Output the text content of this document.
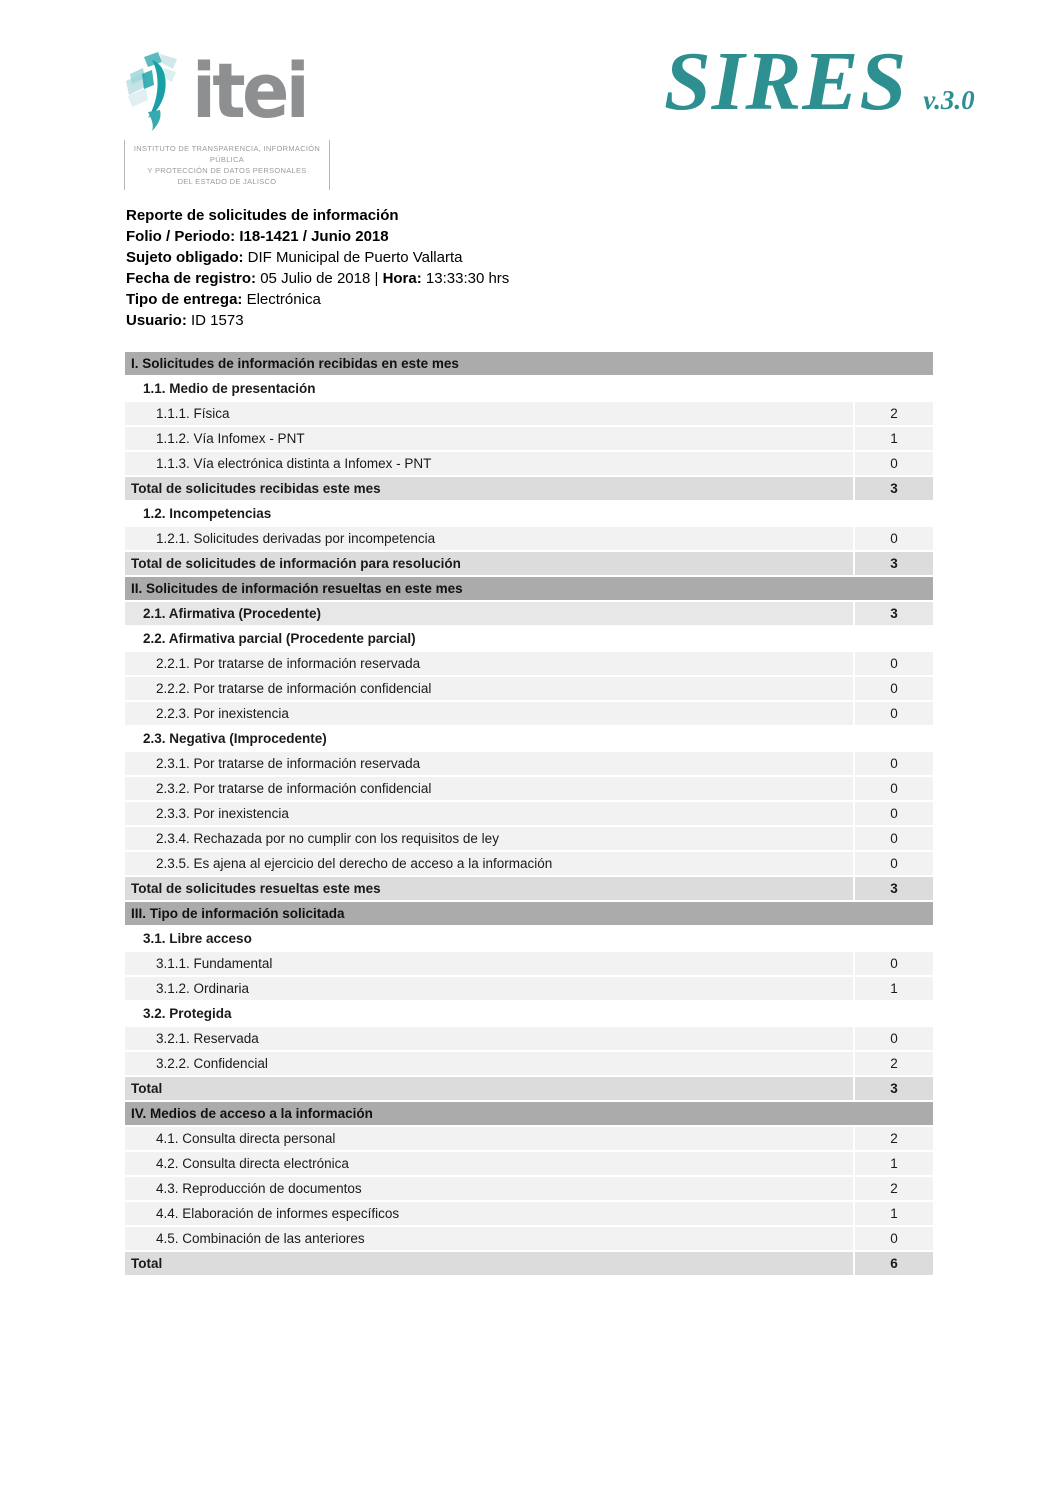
itei
INSTITUTO DE TRANSPARENCIA, INFORMACIÓN PÚBLICA
Y PROTECCIÓN DE DATOS PERSONALES
DEL ESTADO DE JALISCO
SIRES v.3.0
Reporte de solicitudes de información
Folio / Periodo: I18-1421 / Junio 2018
Sujeto obligado: DIF Municipal de Puerto Vallarta
Fecha de registro: 05 Julio de 2018 | Hora: 13:33:30 hrs
Tipo de entrega: Electrónica
Usuario: ID 1573
I. Solicitudes de información recibidas en este mes
1.1. Medio de presentación
1.1.1. Física	2
1.1.2. Vía Infomex - PNT	1
1.1.3. Vía electrónica distinta a Infomex - PNT	0
Total de solicitudes recibidas este mes	3
1.2. Incompetencias
1.2.1. Solicitudes derivadas por incompetencia	0
Total de solicitudes de información para resolución	3
II. Solicitudes de información resueltas en este mes
2.1. Afirmativa (Procedente)	3
2.2. Afirmativa parcial (Procedente parcial)
2.2.1. Por tratarse de información reservada	0
2.2.2. Por tratarse de información confidencial	0
2.2.3. Por inexistencia	0
2.3. Negativa (Improcedente)
2.3.1. Por tratarse de información reservada	0
2.3.2. Por tratarse de información confidencial	0
2.3.3. Por inexistencia	0
2.3.4. Rechazada por no cumplir con los requisitos de ley	0
2.3.5. Es ajena al ejercicio del derecho de acceso a la información	0
Total de solicitudes resueltas este mes	3
III. Tipo de información solicitada
3.1. Libre acceso
3.1.1. Fundamental	0
3.1.2. Ordinaria	1
3.2. Protegida
3.2.1. Reservada	0
3.2.2. Confidencial	2
Total	3
IV. Medios de acceso a la información
4.1. Consulta directa personal	2
4.2. Consulta directa electrónica	1
4.3. Reproducción de documentos	2
4.4. Elaboración de informes específicos	1
4.5. Combinación de las anteriores	0
Total	6
